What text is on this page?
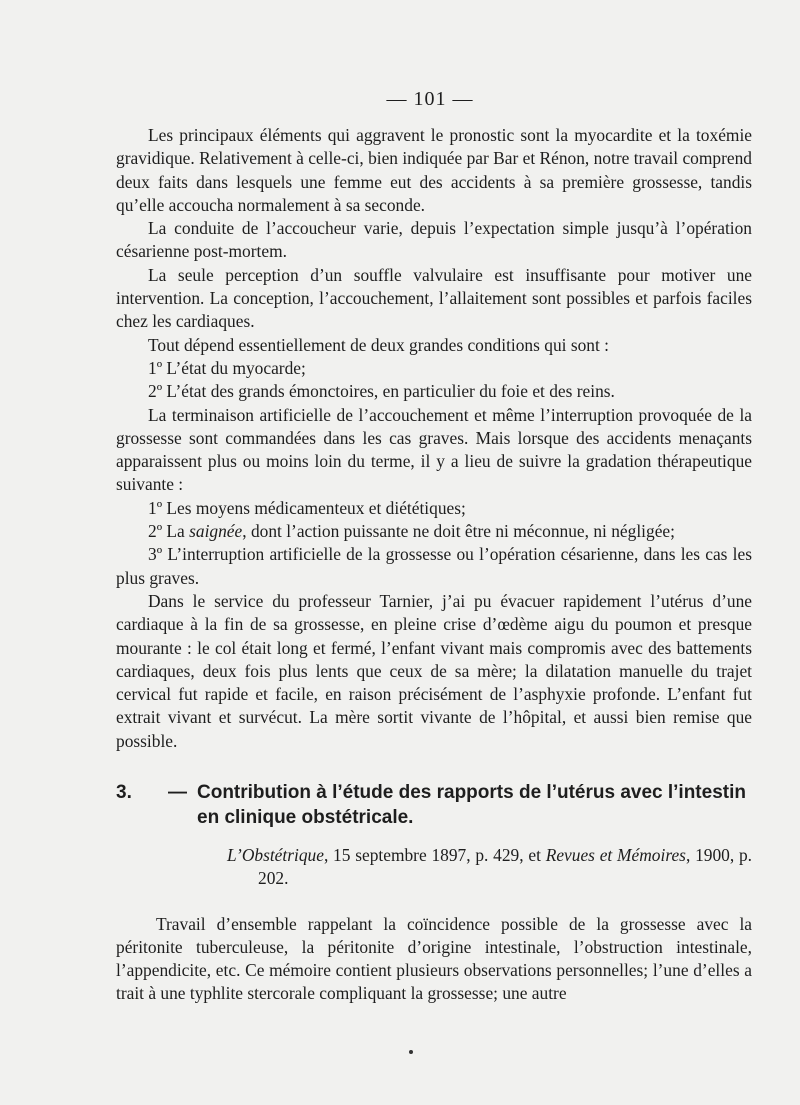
— 101 —

Les principaux éléments qui aggravent le pronostic sont la myocardite et la toxémie gravidique. Relativement à celle-ci, bien indiquée par Bar et Rénon, notre travail comprend deux faits dans lesquels une femme eut des accidents à sa première grossesse, tandis qu’elle accoucha normalement à sa seconde.

La conduite de l’accoucheur varie, depuis l’expectation simple jusqu’à l’opération césarienne post-mortem.

La seule perception d’un souffle valvulaire est insuffisante pour motiver une intervention. La conception, l’accouchement, l’allaitement sont possibles et parfois faciles chez les cardiaques.

Tout dépend essentiellement de deux grandes conditions qui sont :

1º L’état du myocarde;

2º L’état des grands émonctoires, en particulier du foie et des reins.

La terminaison artificielle de l’accouchement et même l’interruption provoquée de la grossesse sont commandées dans les cas graves. Mais lorsque des accidents menaçants apparaissent plus ou moins loin du terme, il y a lieu de suivre la gradation thérapeutique suivante :

1º Les moyens médicamenteux et diététiques;

2º La saignée, dont l’action puissante ne doit être ni méconnue, ni négligée;

3º L’interruption artificielle de la grossesse ou l’opération césarienne, dans les cas les plus graves.

Dans le service du professeur Tarnier, j’ai pu évacuer rapidement l’utérus d’une cardiaque à la fin de sa grossesse, en pleine crise d’œdème aigu du poumon et presque mourante : le col était long et fermé, l’enfant vivant mais compromis avec des battements cardiaques, deux fois plus lents que ceux de sa mère; la dilatation manuelle du trajet cervical fut rapide et facile, en raison précisément de l’asphyxie profonde. L’enfant fut extrait vivant et survécut. La mère sortit vivante de l’hôpital, et aussi bien remise que possible.

3. — Contribution à l’étude des rapports de l’utérus avec l’intestin en clinique obstétricale.
L’Obstétrique, 15 septembre 1897, p. 429, et Revues et Mémoires, 1900, p. 202.

Travail d’ensemble rappelant la coïncidence possible de la grossesse avec la péritonite tuberculeuse, la péritonite d’origine intestinale, l’obstruction intestinale, l’appendicite, etc. Ce mémoire contient plusieurs observations personnelles; l’une d’elles a trait à une typhlite stercorale compliquant la grossesse; une autre
